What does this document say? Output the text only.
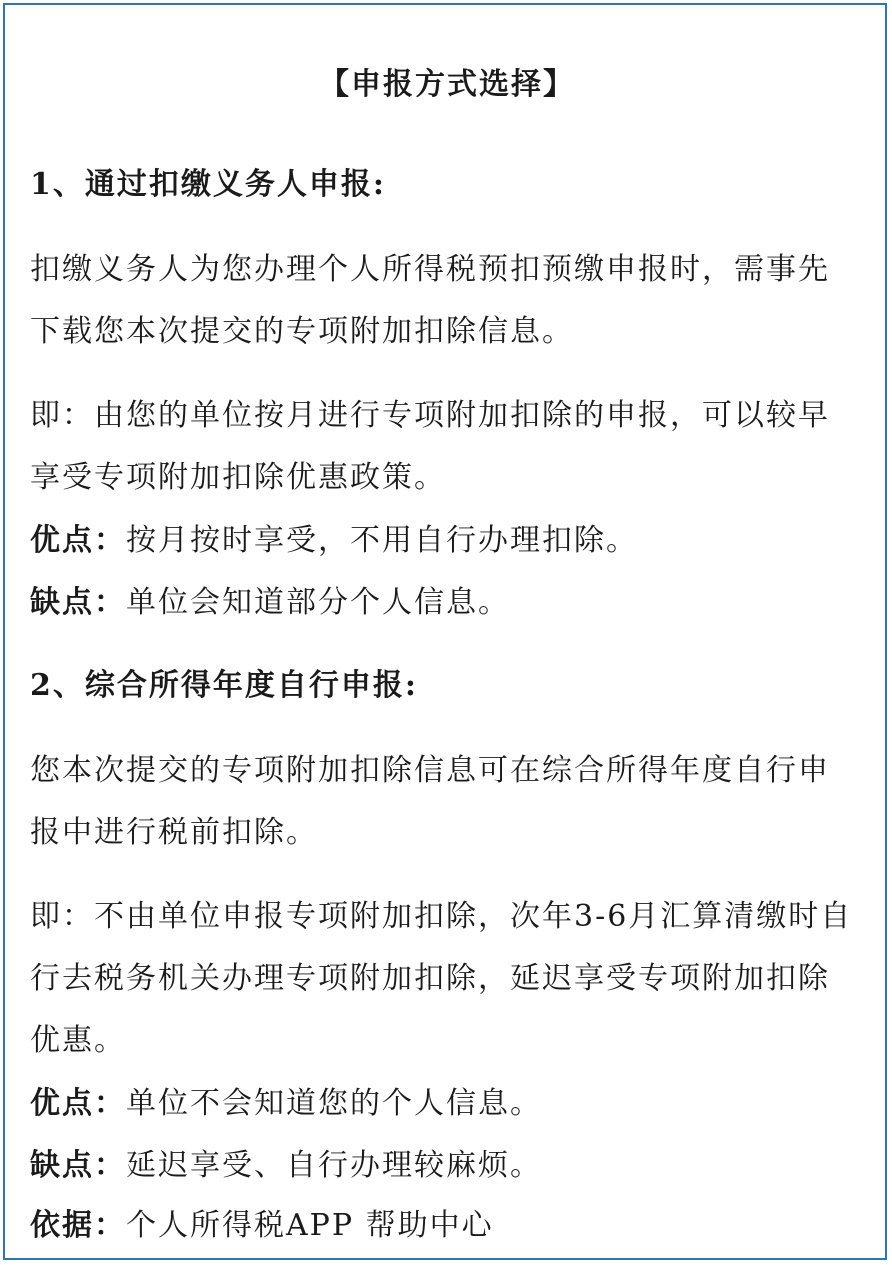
【申报方式选择】
1、通过扣缴义务人申报:
扣缴义务人为您办理个人所得税预扣预缴申报时，需事先
下载您本次提交的专项附加扣除信息。
即：由您的单位按月进行专项附加扣除的申报，可以较早
享受专项附加扣除优惠政策。
优点：按月按时享受，不用自行办理扣除。
缺点：单位会知道部分个人信息。
2、综合所得年度自行申报:
您本次提交的专项附加扣除信息可在综合所得年度自行申
报中进行税前扣除。
即：不由单位申报专项附加扣除，次年3-6月汇算清缴时自
行去税务机关办理专项附加扣除，延迟享受专项附加扣除
优惠。
优点：单位不会知道您的个人信息。
缺点：延迟享受、自行办理较麻烦。
依据：个人所得税APP 帮助中心
